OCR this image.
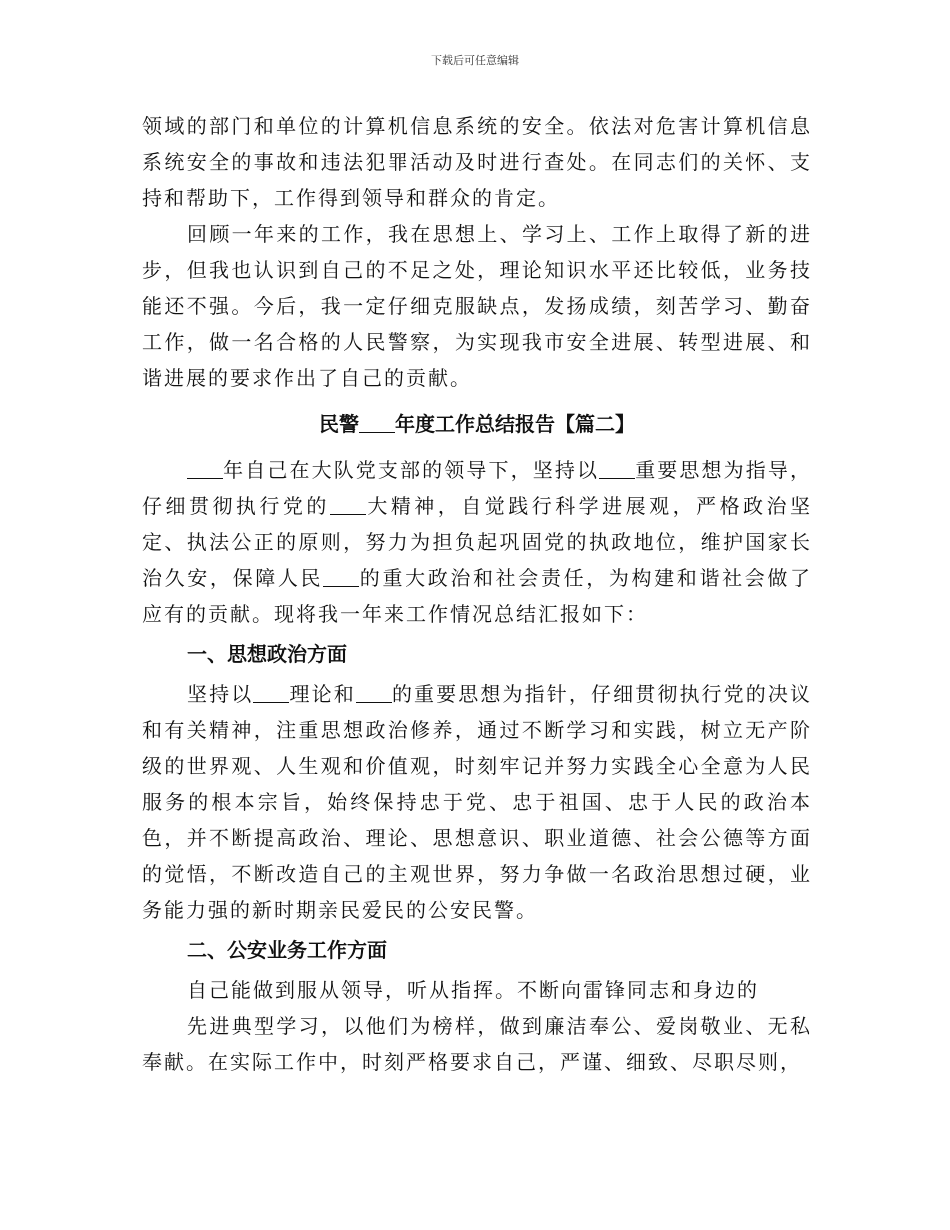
下载后可任意编辑

领域的部门和单位的计算机信息系统的安全。依法对危害计算机信息系统安全的事故和违法犯罪活动及时进行查处。在同志们的关怀、支持和帮助下，工作得到领导和群众的肯定。

回顾一年来的工作，我在思想上、学习上、工作上取得了新的进步，但我也认识到自己的不足之处，理论知识水平还比较低，业务技能还不强。今后，我一定仔细克服缺点，发扬成绩，刻苦学习、勤奋工作，做一名合格的人民警察，为实现我市安全进展、转型进展、和谐进展的要求作出了自己的贡献。

民警 年度工作总结报告【篇二】

年自己在大队党支部的领导下，坚持以 重要思想为指导，仔细贯彻执行党的 大精神，自觉践行科学进展观，严格政治坚定、执法公正的原则，努力为担负起巩固党的执政地位，维护国家长治久安，保障人民 的重大政治和社会责任，为构建和谐社会做了应有的贡献。现将我一年来工作情况总结汇报如下：

一、思想政治方面

坚持以 理论和 的重要思想为指针，仔细贯彻执行党的决议和有关精神，注重思想政治修养，通过不断学习和实践，树立无产阶级的世界观、人生观和价值观，时刻牢记并努力实践全心全意为人民服务的根本宗旨，始终保持忠于党、忠于祖国、忠于人民的政治本色，并不断提高政治、理论、思想意识、职业道德、社会公德等方面的觉悟，不断改造自己的主观世界，努力争做一名政治思想过硬，业务能力强的新时期亲民爱民的公安民警。

二、公安业务工作方面

自己能做到服从领导，听从指挥。不断向雷锋同志和身边的

先进典型学习，以他们为榜样，做到廉洁奉公、爱岗敬业、无私奉献。在实际工作中，时刻严格要求自己，严谨、细致、尽职尽则，
